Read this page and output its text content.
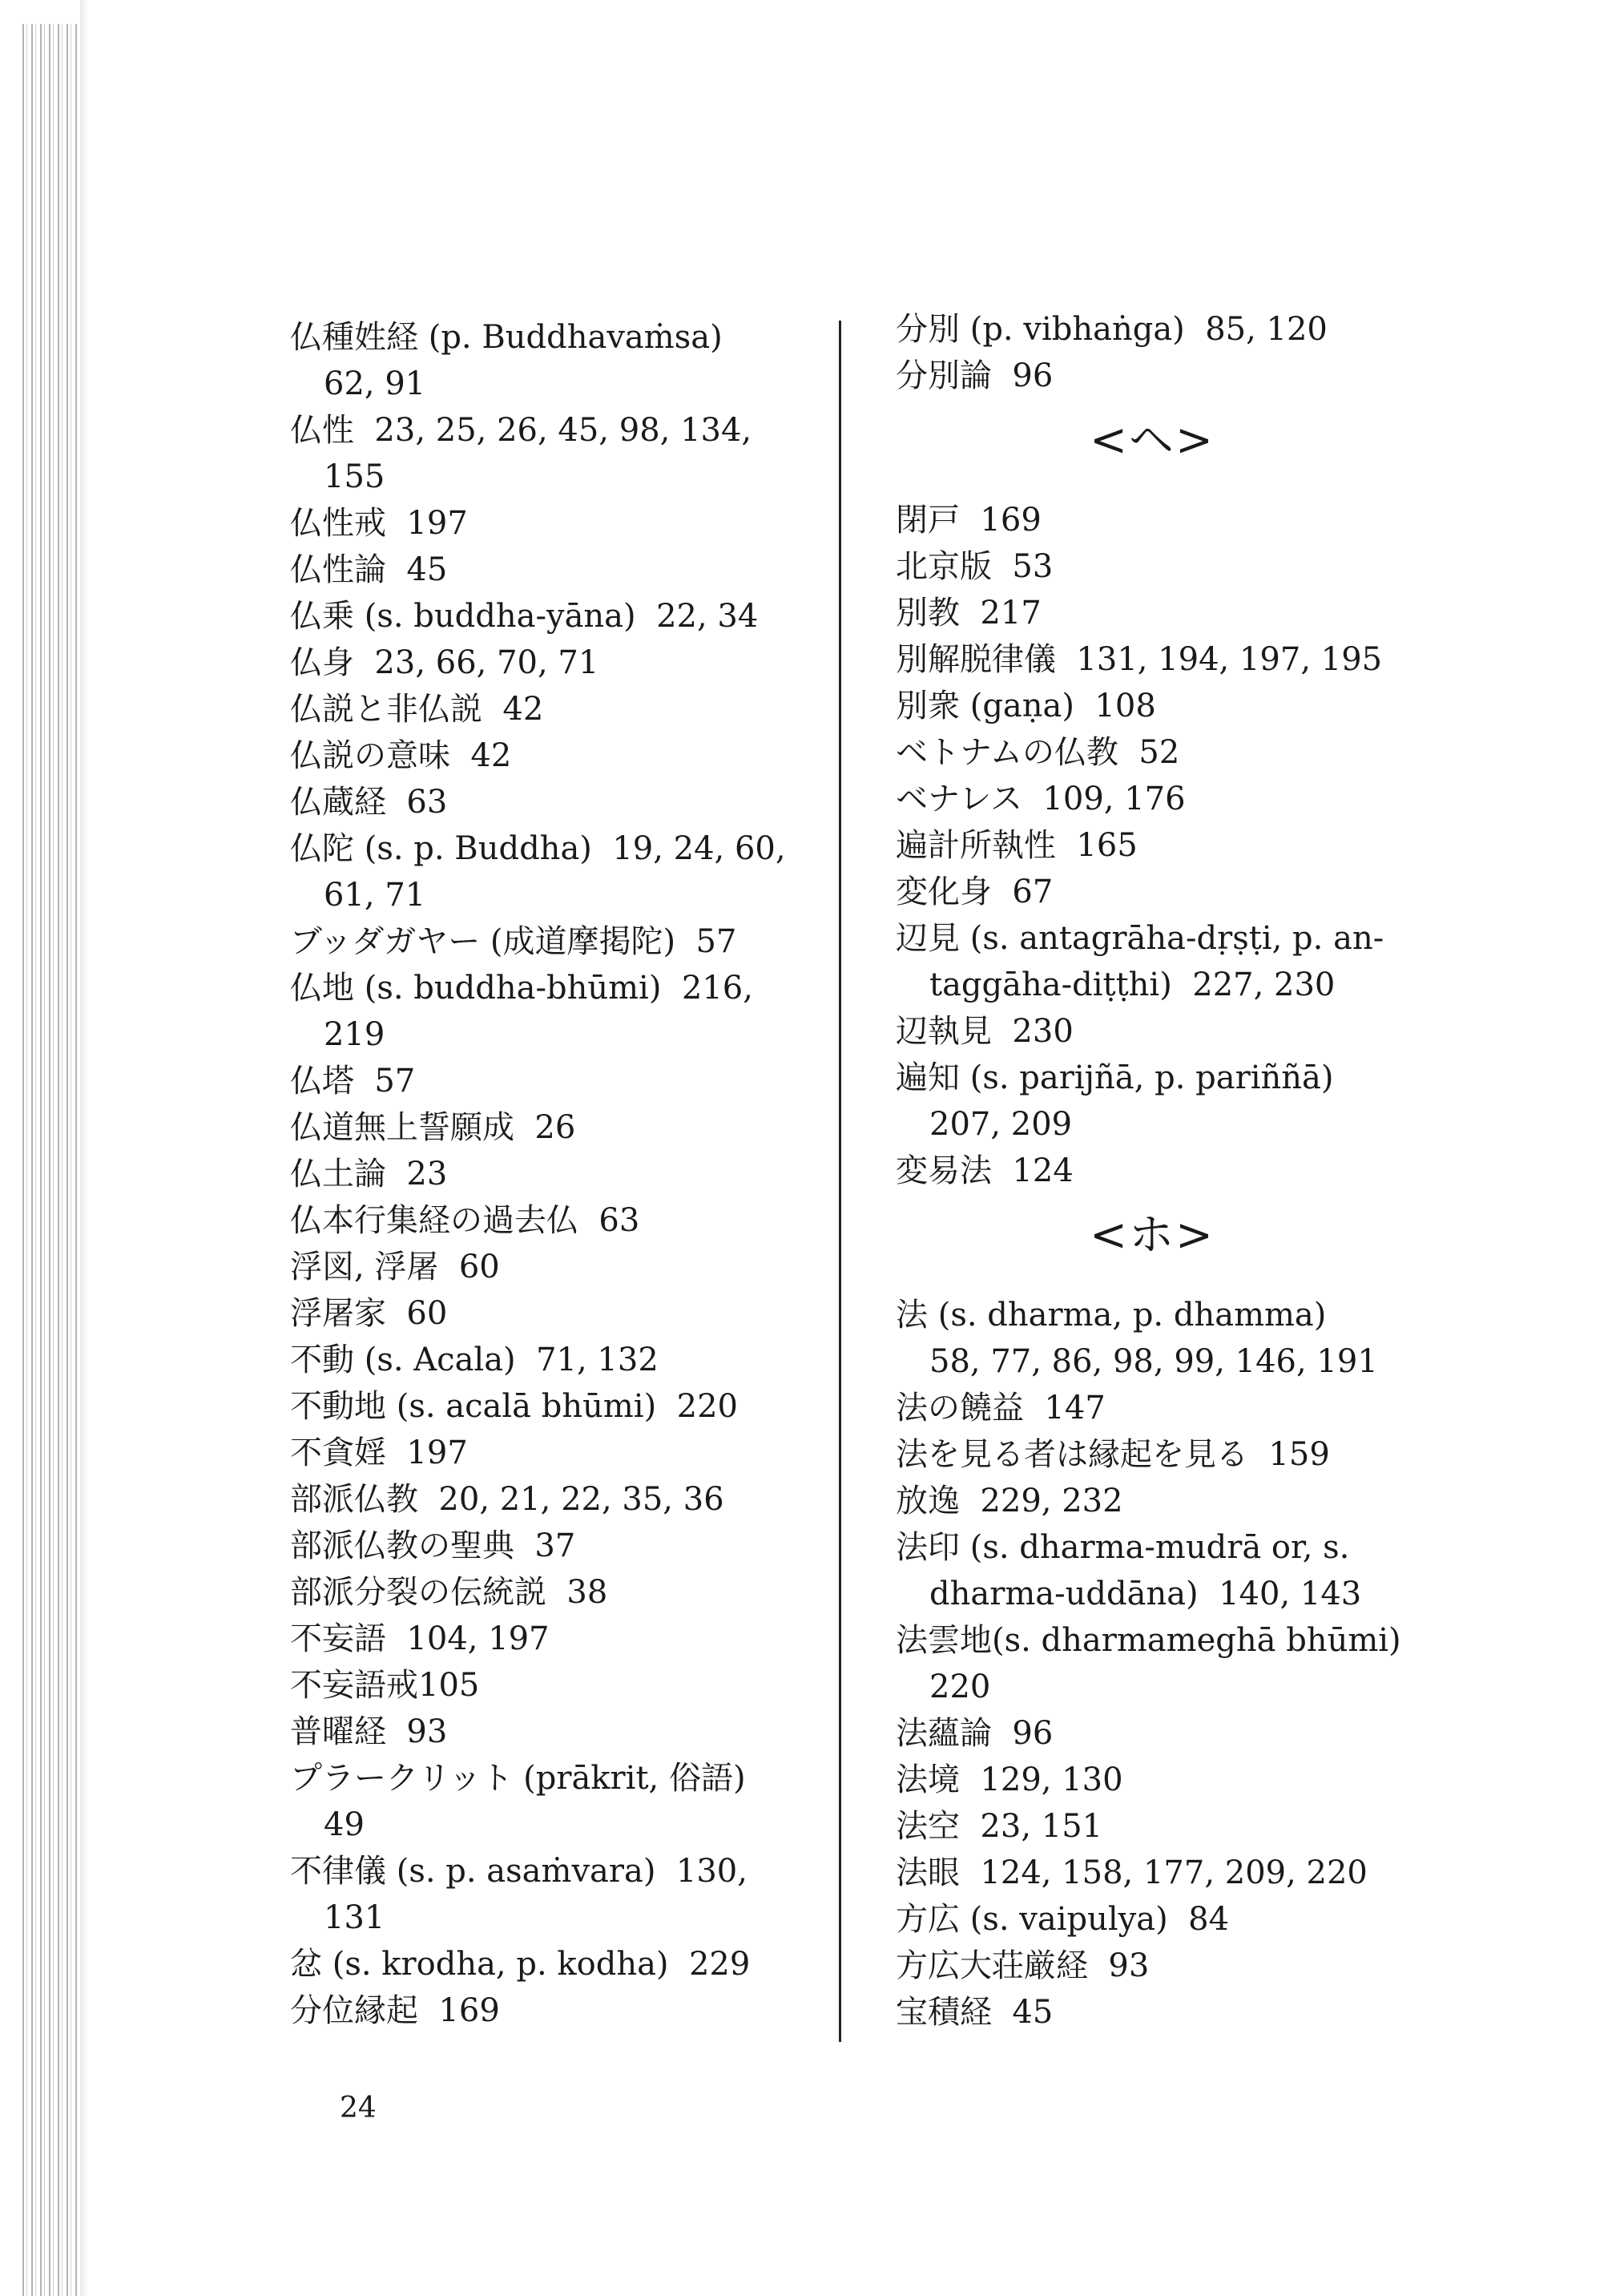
仏種姓経 (p. Buddhavaṁsa)
62, 91
仏性  23, 25, 26, 45, 98, 134,
155
仏性戒  197
仏性論  45
仏乗 (s. buddha-yāna)  22, 34
仏身  23, 66, 70, 71
仏説と非仏説  42
仏説の意味  42
仏蔵経  63
仏陀 (s. p. Buddha)  19, 24, 60,
61, 71
ブッダガヤー (成道摩掲陀)  57
仏地 (s. buddha-bhūmi)  216,
219
仏塔  57
仏道無上誓願成  26
仏土論  23
仏本行集経の過去仏  63
浮図, 浮屠  60
浮屠家  60
不動 (s. Acala)  71, 132
不動地 (s. acalā bhūmi)  220
不貪婬  197
部派仏教  20, 21, 22, 35, 36
部派仏教の聖典  37
部派分裂の伝統説  38
不妄語  104, 197
不妄語戒105
普曜経  93
プラークリット (prākrit, 俗語)
49
不律儀 (s. p. asaṁvara)  130,
131
忿 (s. krodha, p. kodha)  229
分位縁起  169
分別 (p. vibhaṅga)  85, 120
分別論  96
<ヘ>
閉戸  169
北京版  53
別教  217
別解脱律儀  131, 194, 197, 195
別衆 (gaṇa)  108
ベトナムの仏教  52
ベナレス  109, 176
遍計所執性  165
変化身  67
辺見 (s. antagrāha-dṛṣṭi, p. an-
taggāha-diṭṭhi)  227, 230
辺執見  230
遍知 (s. parijñā, p. pariññā)
207, 209
変易法  124
<ホ>
法 (s. dharma, p. dhamma)
58, 77, 86, 98, 99, 146, 191
法の饒益  147
法を見る者は縁起を見る  159
放逸  229, 232
法印 (s. dharma-mudrā or, s.
dharma-uddāna)  140, 143
法雲地(s. dharmameghā bhūmi)
220
法蘊論  96
法境  129, 130
法空  23, 151
法眼  124, 158, 177, 209, 220
方広 (s. vaipulya)  84
方広大荘厳経  93
宝積経  45
24
